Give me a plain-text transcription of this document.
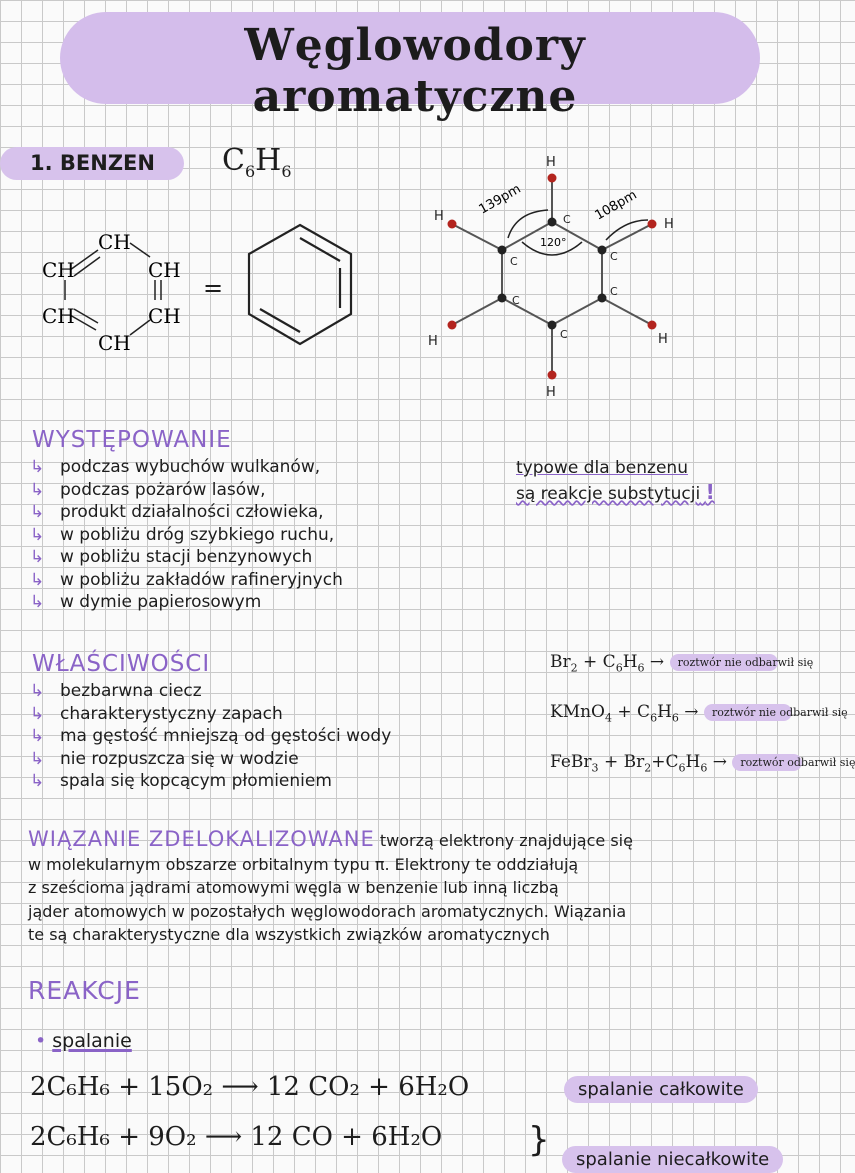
Węglowodory aromatyczne
1. BENZEN	$C_6H_6$
CH
CH	CH
CH	CH
CH
=
C
C
C
C
C
C
H
H
H
H
H
H	139pm	108pm
120°
WYSTĘPOWANIE
↳ podczas wybuchów wulkanów,
↳ podczas pożarów lasów,
↳ produkt działalności człowieka,
↳ w pobliżu dróg szybkiego ruchu,
↳ w pobliżu stacji benzynowych
↳ w pobliżu zakładów rafineryjnych
↳ w dymie papierosowym
typowe dla benzenu
są reakcje substytucji !
WŁAŚCIWOŚCI
↳ bezbarwna ciecz
↳ charakterystyczny zapach
↳ ma gęstość mniejszą od gęstości wody
↳ nie rozpuszcza się w wodzie
↳ spala się kopcącym płomieniem
$Br_2 + C_6H_6$ → roztwór nie odbarwił się
KMnO$_4$ + $C_6H_6$ → roztwór nie odbarwił się
FeBr$_3$ + $Br_2+C_6H_6$ → roztwór odbarwił się
WIĄZANIE ZDELOKALIZOWANE tworzą elektrony znajdujące się
w molekularnym obszarze orbitalnym typu π. Elektrony te oddziałują
z sześcioma jądrami atomowymi węgla w benzenie lub inną liczbą
jąder atomowych w pozostałych węglowodorach aromatycznych. Wiązania
te są charakterystyczne dla wszystkich związków aromatycznych
REAKCJE
• spalanie
2C₆H₆ + 15O₂ ⟶ 12 CO₂ + 6H₂O	spalanie całkowite
2C₆H₆ + 9O₂ ⟶ 12 CO + 6H₂O	}	spalanie niecałkowite
